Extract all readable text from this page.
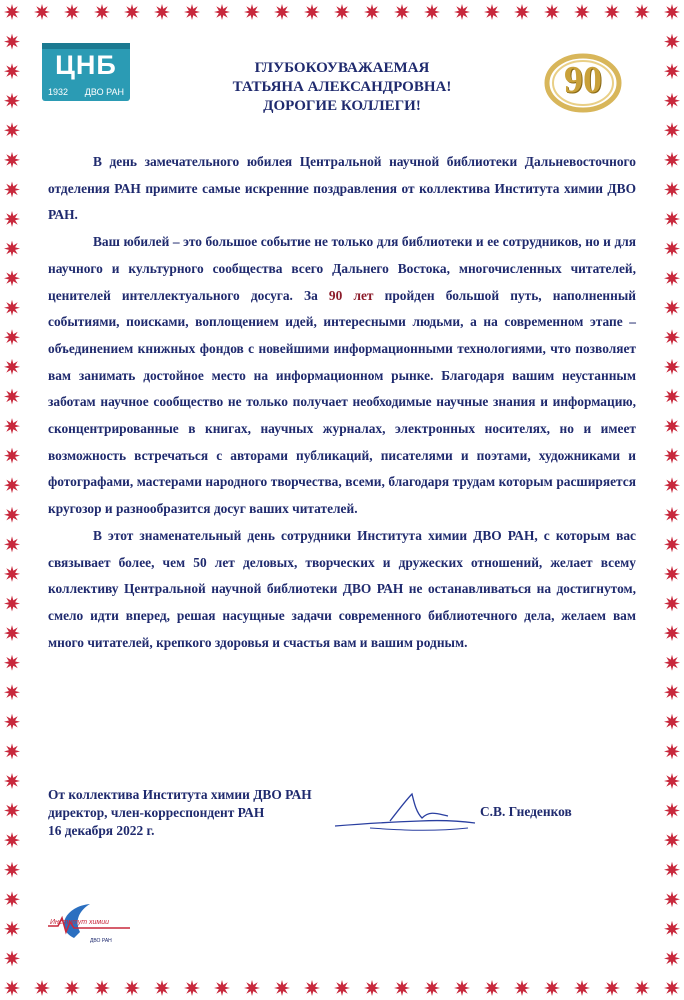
ЦНБ
1932 ДВО РАН	90
ГЛУБОКОУВАЖАЕМАЯ
ТАТЬЯНА АЛЕКСАНДРОВНА!
ДОРОГИЕ КОЛЛЕГИ!

В день замечательного юбилея Центральной научной библиотеки Дальневосточного отделения РАН примите самые искренние поздравления от коллектива Института химии ДВО РАН.

Ваш юбилей – это большое событие не только для библиотеки и ее сотрудников, но и для научного и культурного сообщества всего Дальнего Востока, многочисленных читателей, ценителей интеллектуального досуга. За 90 лет пройден большой путь, наполненный событиями, поисками, воплощением идей, интересными людьми, а на современном этапе – объединением книжных фондов с новейшими информационными технологиями, что позволяет вам занимать достойное место на информационном рынке. Благодаря вашим неустанным заботам научное сообщество не только получает необходимые научные знания и информацию, сконцентрированные в книгах, научных журналах, электронных носителях, но и имеет возможность встречаться с авторами публикаций, писателями и поэтами, художниками и фотографами, мастерами народного творчества, всеми, благодаря трудам которым расширяется кругозор и разнообразится досуг ваших читателей.

В этот знаменательный день сотрудники Института химии ДВО РАН, с которым вас связывает более, чем 50 лет деловых, творческих и дружеских отношений, желает всему коллективу Центральной научной библиотеки ДВО РАН не останавливаться на достигнутом, смело идти вперед, решая насущные задачи современного библиотечного дела, желаем вам много читателей, крепкого здоровья и счастья вам и вашим родным.

От коллектива Института химии ДВО РАН
директор, член-корреспондент РАН
16 декабря 2022 г.
С.В. Гнеденков
Институт химии
ДВО РАН
